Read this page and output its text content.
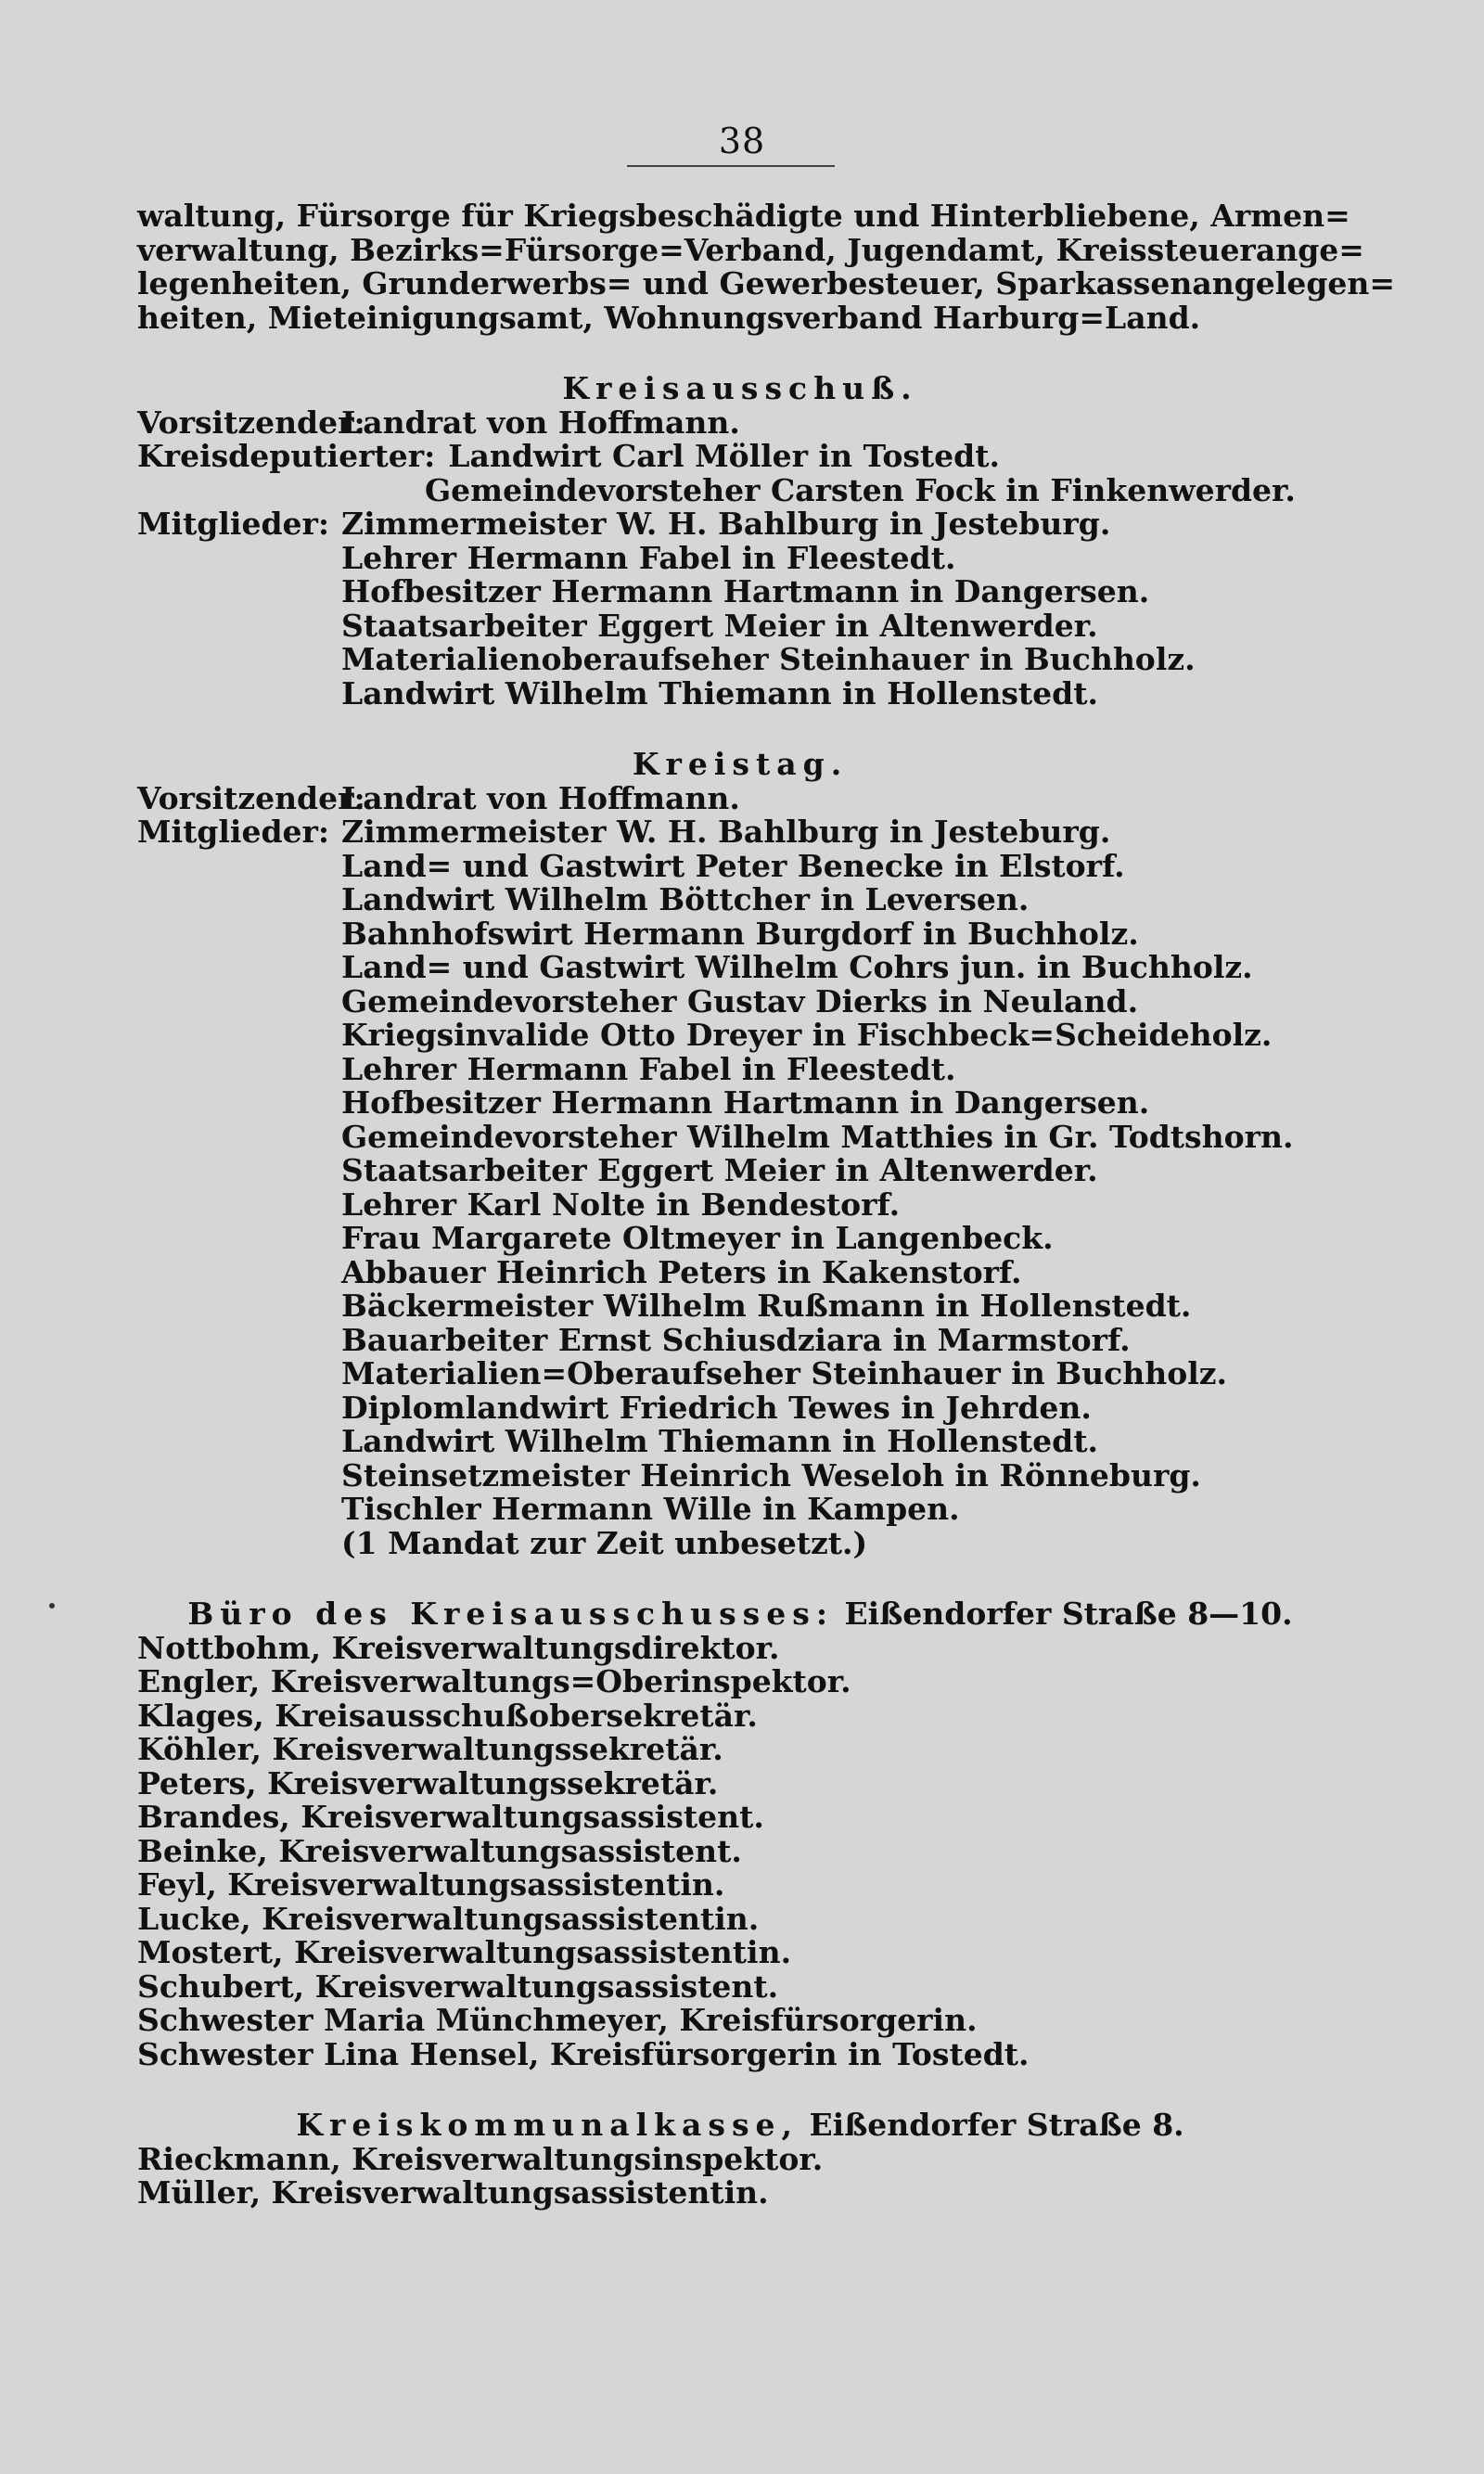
38
waltung, Fürsorge für Kriegsbeschädigte und Hinterbliebene, Armen=
verwaltung, Bezirks=Fürsorge=Verband, Jugendamt, Kreissteuerange=
legenheiten, Grunderwerbs= und Gewerbesteuer, Sparkassenangelegen=
heiten, Mieteinigungsamt, Wohnungsverband Harburg=Land.
Kreisausschuß.
Vorsitzender:
Landrat von Hoffmann.
Kreisdeputierter: Landwirt Carl Möller in Tostedt.
Gemeindevorsteher Carsten Fock in Finkenwerder.
Mitglieder: Zimmermeister W. H. Bahlburg in Jesteburg.
Lehrer Hermann Fabel in Fleestedt.
Hofbesitzer Hermann Hartmann in Dangersen.
Staatsarbeiter Eggert Meier in Altenwerder.
Materialienoberaufseher Steinhauer in Buchholz.
Landwirt Wilhelm Thiemann in Hollenstedt.
Kreistag.
Vorsitzender:
Landrat von Hoffmann.
Mitglieder: Zimmermeister W. H. Bahlburg in Jesteburg.
Land= und Gastwirt Peter Benecke in Elstorf.
Landwirt Wilhelm Böttcher in Leversen.
Bahnhofswirt Hermann Burgdorf in Buchholz.
Land= und Gastwirt Wilhelm Cohrs jun. in Buchholz.
Gemeindevorsteher Gustav Dierks in Neuland.
Kriegsinvalide Otto Dreyer in Fischbeck=Scheideholz.
Lehrer Hermann Fabel in Fleestedt.
Hofbesitzer Hermann Hartmann in Dangersen.
Gemeindevorsteher Wilhelm Matthies in Gr. Todtshorn.
Staatsarbeiter Eggert Meier in Altenwerder.
Lehrer Karl Nolte in Bendestorf.
Frau Margarete Oltmeyer in Langenbeck.
Abbauer Heinrich Peters in Kakenstorf.
Bäckermeister Wilhelm Rußmann in Hollenstedt.
Bauarbeiter Ernst Schiusdziara in Marmstorf.
Materialien=Oberaufseher Steinhauer in Buchholz.
Diplomlandwirt Friedrich Tewes in Jehrden.
Landwirt Wilhelm Thiemann in Hollenstedt.
Steinsetzmeister Heinrich Weseloh in Rönneburg.
Tischler Hermann Wille in Kampen.
(1 Mandat zur Zeit unbesetzt.)
Büro des Kreisausschusses: Eißendorfer Straße 8—10.
Nottbohm, Kreisverwaltungsdirektor.
Engler, Kreisverwaltungs=Oberinspektor.
Klages, Kreisausschußobersekretär.
Köhler, Kreisverwaltungssekretär.
Peters, Kreisverwaltungssekretär.
Brandes, Kreisverwaltungsassistent.
Beinke, Kreisverwaltungsassistent.
Feyl, Kreisverwaltungsassistentin.
Lucke, Kreisverwaltungsassistentin.
Mostert, Kreisverwaltungsassistentin.
Schubert, Kreisverwaltungsassistent.
Schwester Maria Münchmeyer, Kreisfürsorgerin.
Schwester Lina Hensel, Kreisfürsorgerin in Tostedt.
Kreiskommunalkasse, Eißendorfer Straße 8.
Rieckmann, Kreisverwaltungsinspektor.
Müller, Kreisverwaltungsassistentin.
